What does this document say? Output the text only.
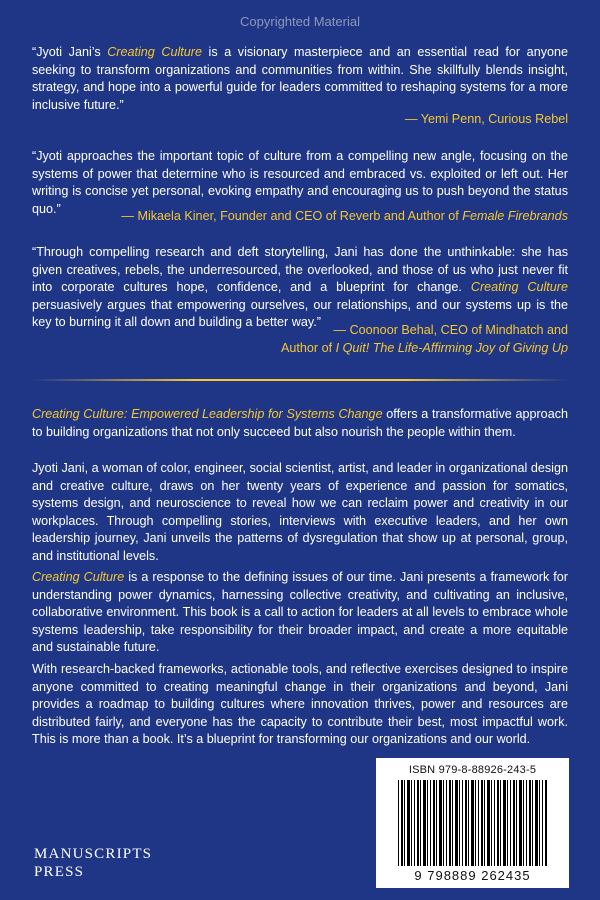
Copyrighted Material
“Jyoti Jani’s Creating Culture is a visionary masterpiece and an essential read for anyone seeking to transform organizations and communities from within. She skillfully blends insight, strategy, and hope into a powerful guide for leaders committed to reshaping systems for a more inclusive future.”
— Yemi Penn, Curious Rebel
“Jyoti approaches the important topic of culture from a compelling new angle, focusing on the systems of power that determine who is resourced and embraced vs. exploited or left out. Her writing is concise yet personal, evoking empathy and encouraging us to push beyond the status quo.”
— Mikaela Kiner, Founder and CEO of Reverb and Author of Female Firebrands
“Through compelling research and deft storytelling, Jani has done the unthinkable: she has given creatives, rebels, the underresourced, the overlooked, and those of us who just never fit into corporate cultures hope, confidence, and a blueprint for change. Creating Culture persuasively argues that empowering ourselves, our relationships, and our systems up is the key to burning it all down and building a better way.”
— Coonoor Behal, CEO of Mindhatch and
Author of I Quit! The Life-Affirming Joy of Giving Up
Creating Culture: Empowered Leadership for Systems Change offers a transformative approach to building organizations that not only succeed but also nourish the people within them.
Jyoti Jani, a woman of color, engineer, social scientist, artist, and leader in organizational design and creative culture, draws on her twenty years of experience and passion for somatics, systems design, and neuroscience to reveal how we can reclaim power and creativity in our workplaces. Through compelling stories, interviews with executive leaders, and her own leadership journey, Jani unveils the patterns of dysregulation that show up at personal, group, and institutional levels.
Creating Culture is a response to the defining issues of our time. Jani presents a framework for understanding power dynamics, harnessing collective creativity, and cultivating an inclusive, collaborative environment. This book is a call to action for leaders at all levels to embrace whole systems leadership, take responsibility for their broader impact, and create a more equitable and sustainable future.
With research-backed frameworks, actionable tools, and reflective exercises designed to inspire anyone committed to creating meaningful change in their organizations and beyond, Jani provides a roadmap to building cultures where innovation thrives, power and resources are distributed fairly, and everyone has the capacity to contribute their best, most impactful work. This is more than a book. It’s a blueprint for transforming our organizations and our world.
MANUSCRIPTS
PRESS
ISBN 979-8-88926-243-5
9 798889 262435
